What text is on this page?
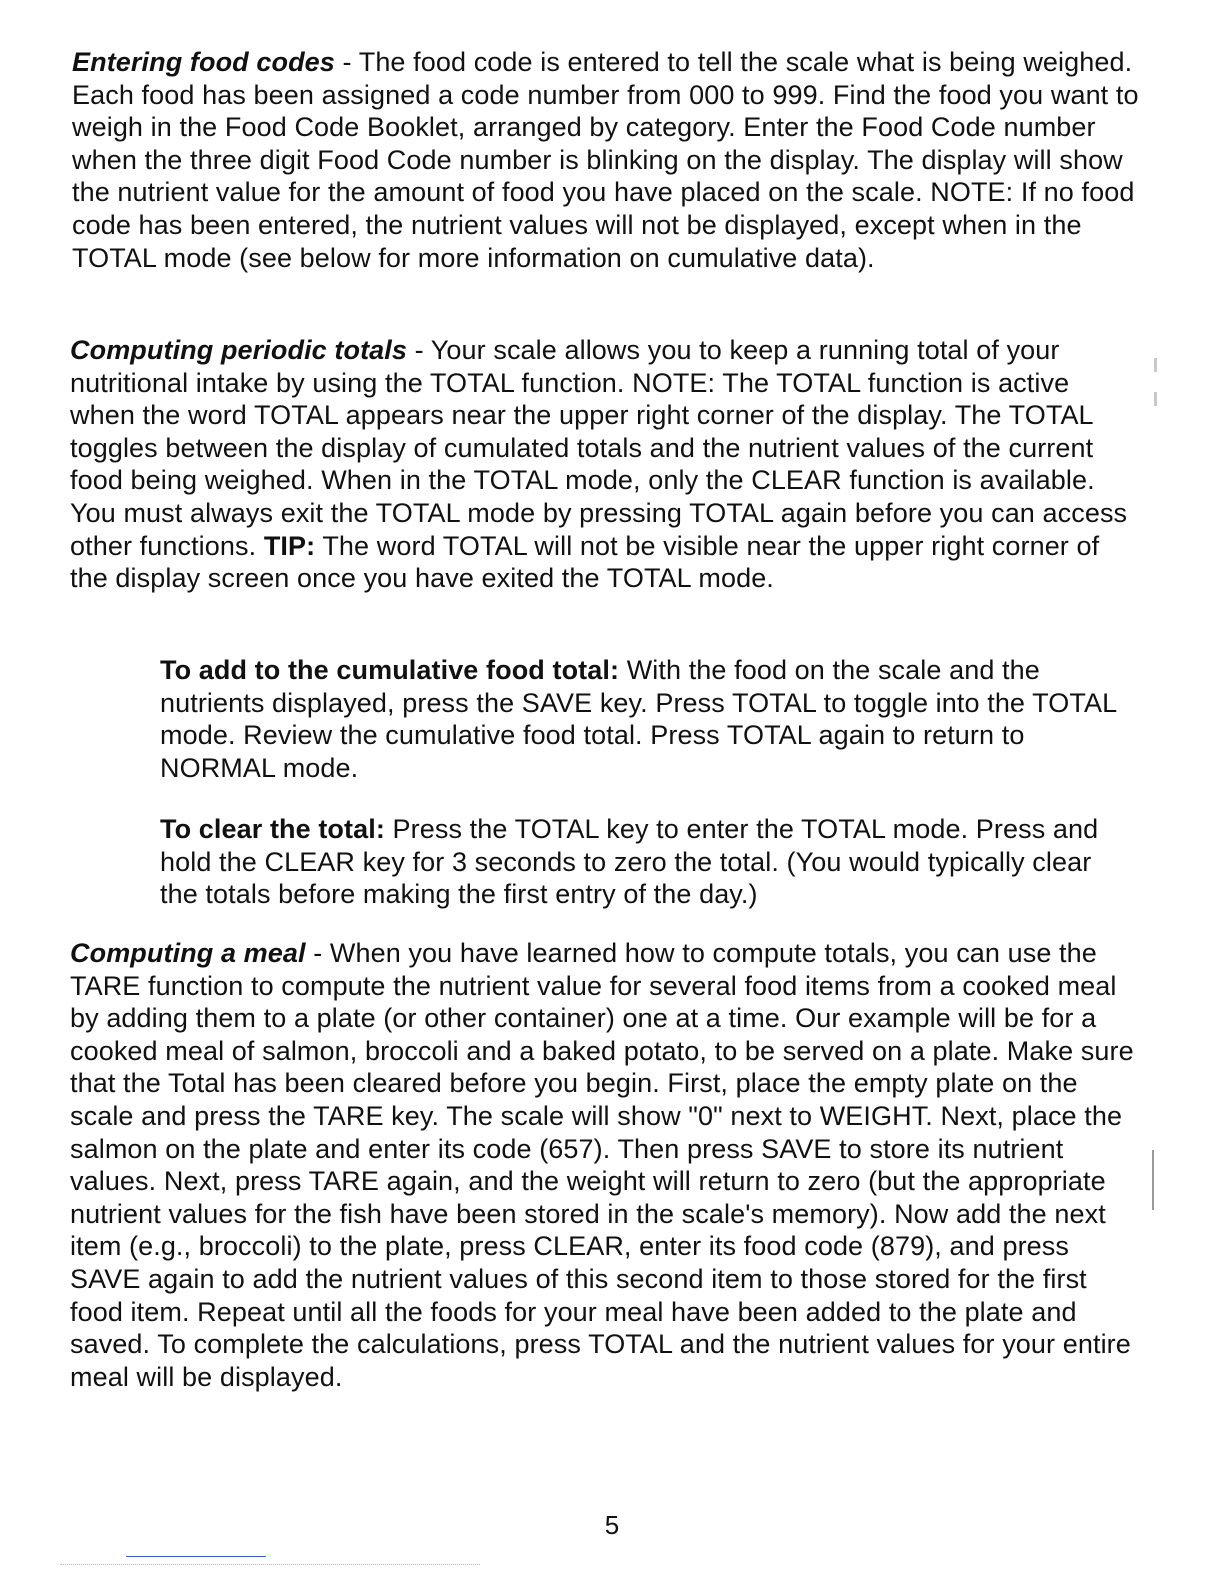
Entering food codes - The food code is entered to tell the scale what is being weighed. Each food has been assigned a code number from 000 to 999. Find the food you want to weigh in the Food Code Booklet, arranged by category. Enter the Food Code number when the three digit Food Code number is blinking on the display. The display will show the nutrient value for the amount of food you have placed on the scale. NOTE: If no food code has been entered, the nutrient values will not be displayed, except when in the TOTAL mode (see below for more information on cumulative data).

Computing periodic totals - Your scale allows you to keep a running total of your nutritional intake by using the TOTAL function. NOTE: The TOTAL function is active when the word TOTAL appears near the upper right corner of the display. The TOTAL toggles between the display of cumulated totals and the nutrient values of the current food being weighed. When in the TOTAL mode, only the CLEAR function is available. You must always exit the TOTAL mode by pressing TOTAL again before you can access other functions. TIP: The word TOTAL will not be visible near the upper right corner of the display screen once you have exited the TOTAL mode.

To add to the cumulative food total: With the food on the scale and the nutrients displayed, press the SAVE key. Press TOTAL to toggle into the TOTAL mode. Review the cumulative food total. Press TOTAL again to return to NORMAL mode.

To clear the total: Press the TOTAL key to enter the TOTAL mode. Press and hold the CLEAR key for 3 seconds to zero the total. (You would typically clear the totals before making the first entry of the day.)

Computing a meal - When you have learned how to compute totals, you can use the TARE function to compute the nutrient value for several food items from a cooked meal by adding them to a plate (or other container) one at a time. Our example will be for a cooked meal of salmon, broccoli and a baked potato, to be served on a plate. Make sure that the Total has been cleared before you begin. First, place the empty plate on the scale and press the TARE key. The scale will show "0" next to WEIGHT. Next, place the salmon on the plate and enter its code (657). Then press SAVE to store its nutrient values. Next, press TARE again, and the weight will return to zero (but the appropriate nutrient values for the fish have been stored in the scale's memory). Now add the next item (e.g., broccoli) to the plate, press CLEAR, enter its food code (879), and press SAVE again to add the nutrient values of this second item to those stored for the first food item. Repeat until all the foods for your meal have been added to the plate and saved. To complete the calculations, press TOTAL and the nutrient values for your entire meal will be displayed.

5
